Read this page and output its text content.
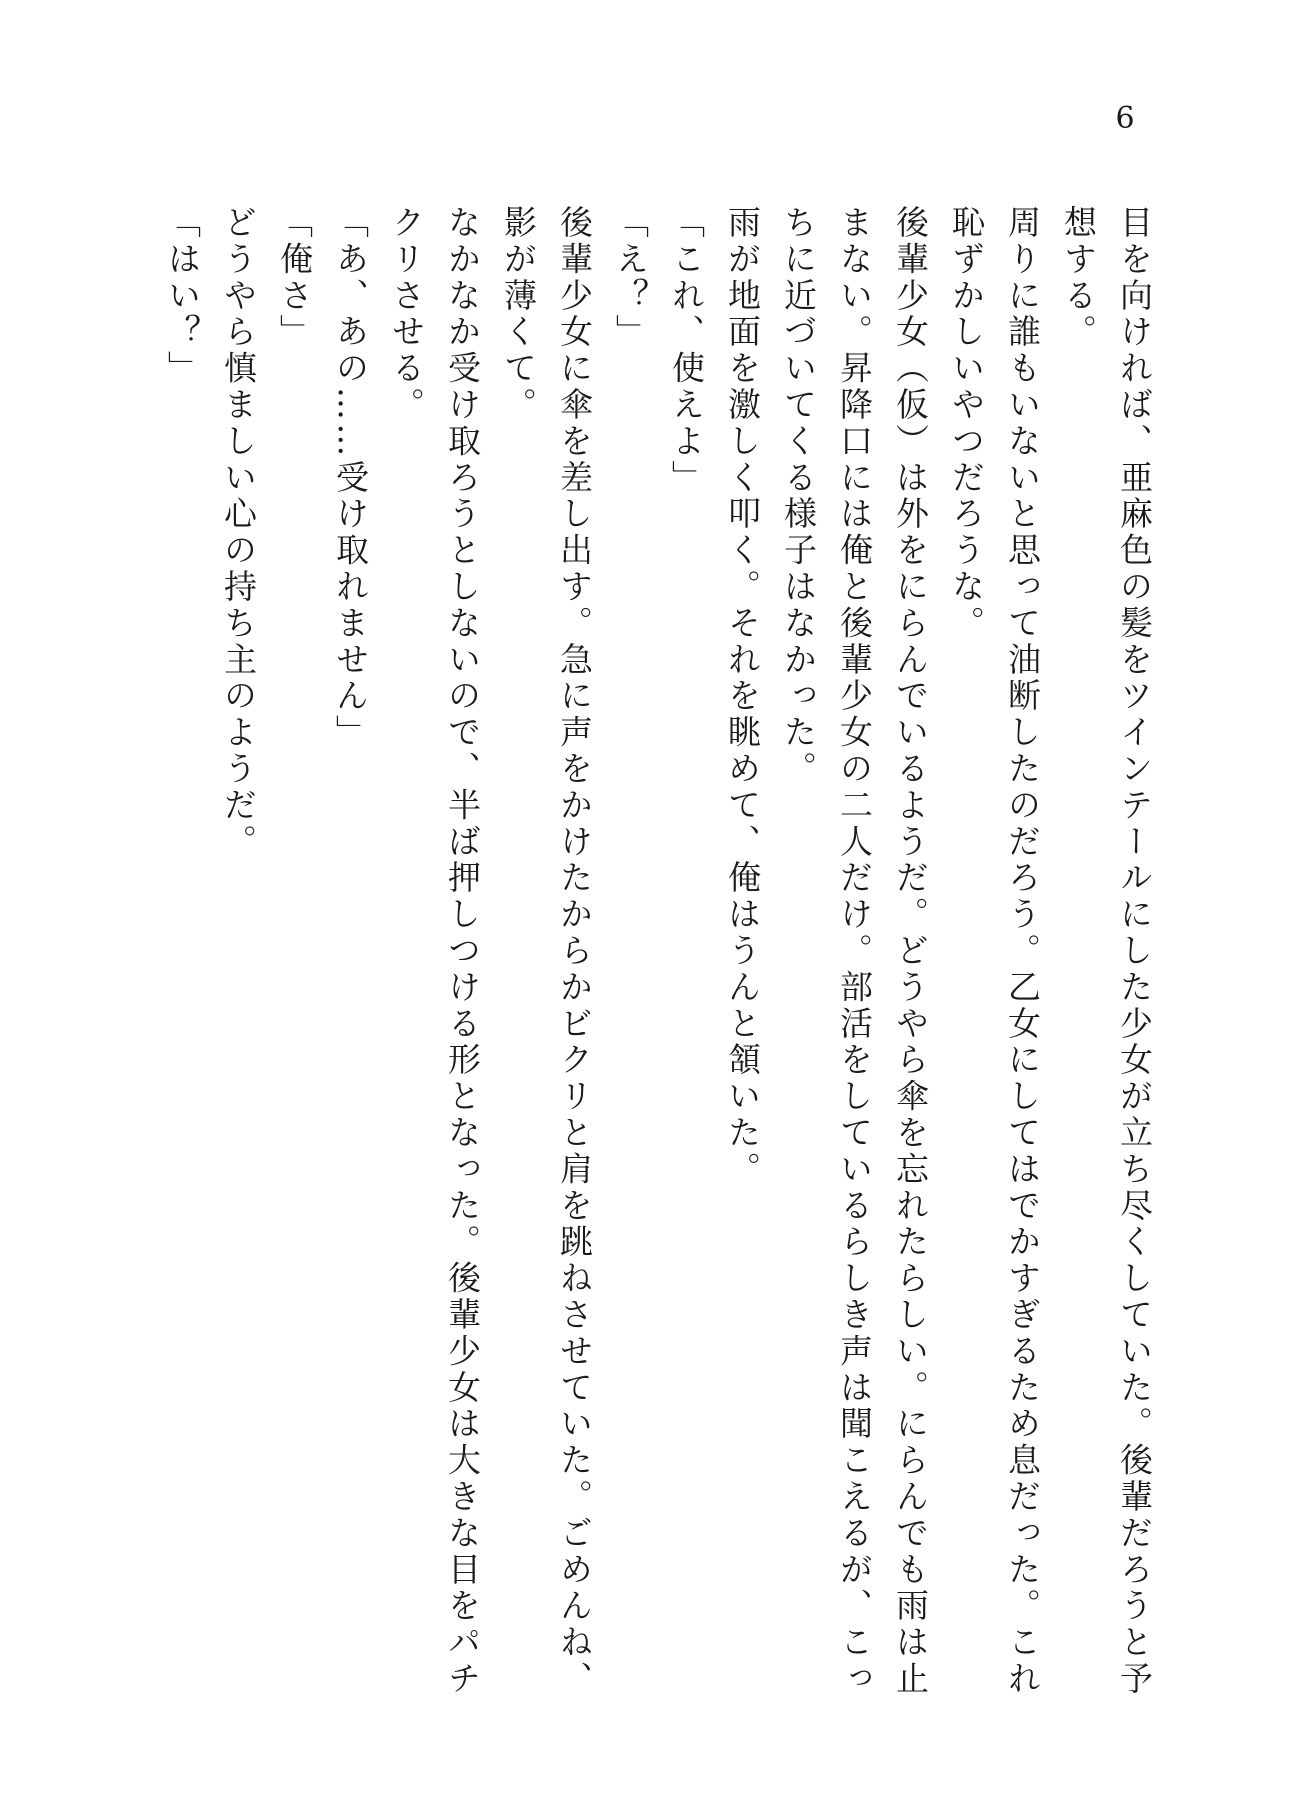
6

目を向ければ、亜麻色の髪をツインテールにした少女が立ち尽くしていた。後輩だろうと予想する。

周りに誰もいないと思って油断したのだろう。乙女にしてはでかすぎるため息だった。これ恥ずかしいやつだろうな。

後輩少女（仮）は外をにらんでいるようだ。どうやら傘を忘れたらしい。にらんでも雨は止まない。昇降口には俺と後輩少女の二人だけ。部活をしているらしき声は聞こえるが、こっちに近づいてくる様子はなかった。

雨が地面を激しく叩く。それを眺めて、俺はうんと頷いた。

「これ、使えよ」

「え？」

後輩少女に傘を差し出す。急に声をかけたからかビクリと肩を跳ねさせていた。ごめんね、影が薄くて。

なかなか受け取ろうとしないので、半ば押しつける形となった。後輩少女は大きな目をパチクリさせる。

「あ、あの……受け取れません」

「俺さ」

どうやら慎ましい心の持ち主のようだ。

「はい？」
